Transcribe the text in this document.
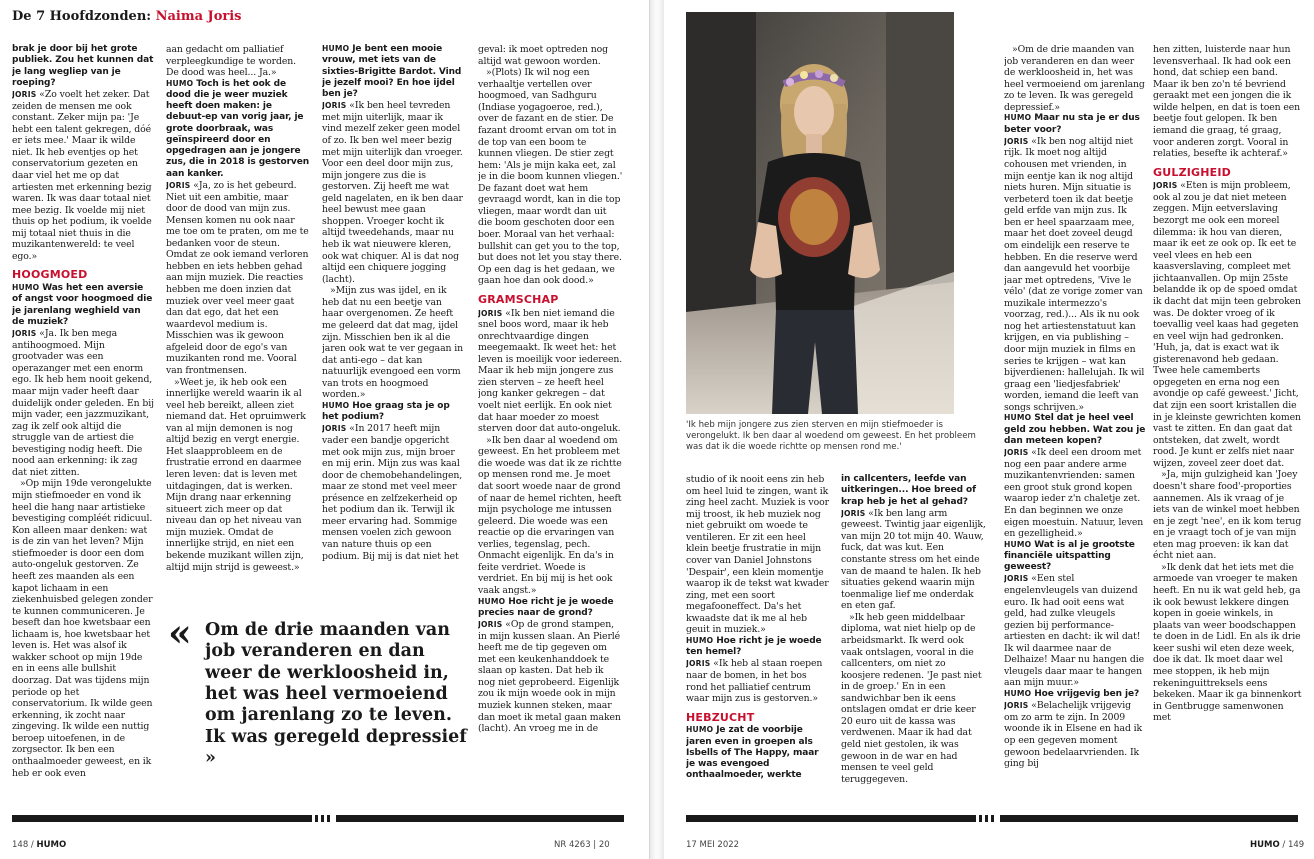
De 7 Hoofdzonden: Naima Joris

brak je door bij het grote publiek. Zou het kunnen dat je lang wegliep van je roeping?

JORIS «Zo voelt het zeker. Dat zeiden de mensen me ook constant. Zeker mijn pa: 'Je hebt een talent gekregen, dóé er iets mee.' Maar ik wilde niet. Ik heb eventjes op het conservatorium gezeten en daar viel het me op dat artiesten met erkenning bezig waren. Ik was daar totaal niet mee bezig. Ik voelde mij niet thuis op het podium, ik voelde mij totaal niet thuis in die muzikantenwereld: te veel ego.»

HOOGMOED

HUMO Was het een aversie of angst voor hoogmoed die je jarenlang weghield van de muziek?

JORIS «Ja. Ik ben mega antihoogmoed. Mijn grootvader was een operazanger met een enorm ego. Ik heb hem nooit gekend, maar mijn vader heeft daar duidelijk onder geleden. En bij mijn vader, een jazzmuzikant, zag ik zelf ook altijd die struggle van de artiest die bevestiging nodig heeft. Die nood aan erkenning: ik zag dat niet zitten.

»Op mijn 19de verongelukte mijn stiefmoeder en vond ik heel die hang naar artistieke bevestiging compléét ridicuul. Kon alleen maar denken: wat is de zin van het leven? Mijn stiefmoeder is door een dom auto-ongeluk gestorven. Ze heeft zes maanden als een kapot lichaam in een ziekenhuisbed gelegen zonder te kunnen communiceren. Je beseft dan hoe kwetsbaar een lichaam is, hoe kwetsbaar het leven is. Het was alsof ik wakker schoot op mijn 19de en in eens alle bullshit doorzag. Dat was tijdens mijn periode op het conservatorium. Ik wilde geen erkenning, ik zocht naar zingeving. Ik wilde een nuttig beroep uitoefenen, in de zorgsector. Ik ben een onthaalmoeder geweest, en ik heb er ook even

aan gedacht om palliatief verpleegkundige te worden. De dood was heel... Ja.»

HUMO Toch is het ook de dood die je weer muziek heeft doen maken: je debuut-ep van vorig jaar, je grote doorbraak, was geïnspireerd door en opgedragen aan je jongere zus, die in 2018 is gestorven aan kanker.

JORIS «Ja, zo is het gebeurd. Niet uit een ambitie, maar door de dood van mijn zus. Mensen komen nu ook naar me toe om te praten, om me te bedanken voor de steun. Omdat ze ook iemand verloren hebben en iets hebben gehad aan mijn muziek. Die reacties hebben me doen inzien dat muziek over veel meer gaat dan dat ego, dat het een waardevol medium is. Misschien was ik gewoon afgeleid door de ego's van muzikanten rond me. Vooral van frontmensen.

»Weet je, ik heb ook een innerlijke wereld waarin ik al veel heb bereikt, alleen ziet niemand dat. Het opruimwerk van al mijn demonen is nog altijd bezig en vergt energie. Het slaapprobleem en de frustratie errond en daarmee leren leven: dat is leven met uitdagingen, dat is werken. Mijn drang naar erkenning situeert zich meer op dat niveau dan op het niveau van mijn muziek. Omdat de innerlijke strijd, en niet een bekende muzikant willen zijn, altijd mijn strijd is geweest.»

HUMO Je bent een mooie vrouw, met iets van de sixties-Brigitte Bardot. Vind je jezelf mooi? En hoe ijdel ben je?

JORIS «Ik ben heel tevreden met mijn uiterlijk, maar ik vind mezelf zeker geen model of zo. Ik ben wel meer bezig met mijn uiterlijk dan vroeger. Voor een deel door mijn zus, mijn jongere zus die is gestorven. Zij heeft me wat geld nagelaten, en ik ben daar heel bewust mee gaan shoppen. Vroeger kocht ik altijd tweedehands, maar nu heb ik wat nieuwere kleren, ook wat chiquer. Al is dat nog altijd een chiquere jogging (lacht).

»Mijn zus was ijdel, en ik heb dat nu een beetje van haar overgenomen. Ze heeft me geleerd dat dat mag, ijdel zijn. Misschien ben ik al die jaren ook wat te ver gegaan in dat anti-ego – dat kan natuurlijk evengoed een vorm van trots en hoogmoed worden.»

HUMO Hoe graag sta je op het podium?

JORIS «In 2017 heeft mijn vader een bandje opgericht met ook mijn zus, mijn broer en mij erin. Mijn zus was kaal door de chemobehandelingen, maar ze stond met veel meer présence en zelfzekerheid op het podium dan ik. Terwijl ik meer ervaring had. Sommige mensen voelen zich gewoon van nature thuis op een podium. Bij mij is dat niet het

geval: ik moet optreden nog altijd wat gewoon worden.

»(Plots) Ik wil nog een verhaaltje vertellen over hoogmoed, van Sadhguru (Indiase yogagoeroe, red.), over de fazant en de stier. De fazant droomt ervan om tot in de top van een boom te kunnen vliegen. De stier zegt hem: 'Als je mijn kaka eet, zal je in die boom kunnen vliegen.' De fazant doet wat hem gevraagd wordt, kan in die top vliegen, maar wordt dan uit die boom geschoten door een boer. Moraal van het verhaal: bullshit can get you to the top, but does not let you stay there. Op een dag is het gedaan, we gaan hoe dan ook dood.»

GRAMSCHAP

JORIS «Ik ben niet iemand die snel boos word, maar ik heb onrechtvaardige dingen meegemaakt. Ik weet het: het leven is moeilijk voor iedereen. Maar ik heb mijn jongere zus zien sterven – ze heeft heel jong kanker gekregen – dat voelt niet eerlijk. En ook niet dat haar moeder zo moest sterven door dat auto-ongeluk.

»Ik ben daar al woedend om geweest. En het probleem met die woede was dat ik ze richtte op mensen rond me. Je moet dat soort woede naar de grond of naar de hemel richten, heeft mijn psychologe me intussen geleerd. Die woede was een reactie op die ervaringen van verlies, tegenslag, pech. Onmacht eigenlijk. En da's in feite verdriet. Woede is verdriet. En bij mij is het ook vaak angst.»

HUMO Hoe richt je je woede precies naar de grond?

JORIS «Op de grond stampen, in mijn kussen slaan. An Pierlé heeft me de tip gegeven om met een keukenhanddoek te slaan op kasten. Dat heb ik nog niet geprobeerd. Eigenlijk zou ik mijn woede ook in mijn muziek kunnen steken, maar dan moet ik metal gaan maken (lacht). An vroeg me in de

« Om de drie maanden van job veranderen en dan weer de werkloosheid in, het was heel vermoeiend om jarenlang zo te leven. Ik was geregeld depressief »
148 / HUMO	NR 4263 | 20
'Ik heb mijn jongere zus zien sterven en mijn stiefmoeder is verongelukt. Ik ben daar al woedend om geweest. En het probleem was dat ik die woede richtte op mensen rond me.'

»Om de drie maanden van job veranderen en dan weer de werkloosheid in, het was heel vermoeiend om jarenlang zo te leven. Ik was geregeld depressief.»

HUMO Maar nu sta je er dus beter voor?

JORIS «Ik ben nog altijd niet rijk. Ik moet nog altijd cohousen met vrienden, in mijn eentje kan ik nog altijd niets huren. Mijn situatie is verbeterd toen ik dat beetje geld erfde van mijn zus. Ik ben er heel spaarzaam mee, maar het doet zoveel deugd om eindelijk een reserve te hebben. En die reserve werd dan aangevuld het voorbije jaar met optredens, 'Vive le vélo' (dat ze vorige zomer van muzikale intermezzo's voorzag, red.)... Als ik nu ook nog het artiestenstatuut kan krijgen, en via publishing – door mijn muziek in films en series te krijgen – wat kan bijverdienen: hallelujah. Ik wil graag een 'liedjesfabriek' worden, iemand die leeft van songs schrijven.»

HUMO Stel dat je heel veel geld zou hebben. Wat zou je dan meteen kopen?

JORIS «Ik deel een droom met nog een paar andere arme muzikantenvrienden: samen een groot stuk grond kopen waarop ieder z'n chaletje zet. En dan beginnen we onze eigen moestuin. Natuur, leven en gezelligheid.»

HUMO Wat is al je grootste financiële uitspatting geweest?

JORIS «Een stel engelenvleugels van duizend euro. Ik had ooit eens wat geld, had zulke vleugels gezien bij performance-artiesten en dacht: ik wil dat! Ik wil daarmee naar de Delhaize! Maar nu hangen die vleugels daar maar te hangen aan mijn muur.»

HUMO Hoe vrijgevig ben je?

JORIS «Belachelijk vrijgevig om zo arm te zijn. In 2009 woonde ik in Elsene en had ik op een gegeven moment gewoon bedelaarvrienden. Ik ging bij

hen zitten, luisterde naar hun levensverhaal. Ik had ook een hond, dat schiep een band. Maar ik ben zo'n té bevriend geraakt met een jongen die ik wilde helpen, en dat is toen een beetje fout gelopen. Ik ben iemand die graag, té graag, voor anderen zorgt. Vooral in relaties, besefte ik achteraf.»

GULZIGHEID

JORIS «Eten is mijn probleem, ook al zou je dat niet meteen zeggen. Mijn eetverslaving bezorgt me ook een moreel dilemma: ik hou van dieren, maar ik eet ze ook op. Ik eet te veel vlees en heb een kaasverslaving, compleet met jichtaanvallen. Op mijn 25ste belandde ik op de spoed omdat ik dacht dat mijn teen gebroken was. De dokter vroeg of ik toevallig veel kaas had gegeten en veel wijn had gedronken. 'Huh, ja, dat is exact wat ik gisterenavond heb gedaan. Twee hele camemberts opgegeten en erna nog een avondje op café geweest.' Jicht, dat zijn een soort kristallen die in je kleinste gewrichten komen vast te zitten. En dan gaat dat ontsteken, dat zwelt, wordt rood. Je kunt er zelfs niet naar wijzen, zoveel zeer doet dat.

»Ja, mijn gulzigheid kan 'Joey doesn't share food'-proporties aannemen. Als ik vraag of je iets van de winkel moet hebben en je zegt 'nee', en ik kom terug en je vraagt toch of je van mijn eten mag proeven: ik kan dat écht niet aan.

»Ik denk dat het iets met die armoede van vroeger te maken heeft. En nu ik wat geld heb, ga ik ook bewust lekkere dingen kopen in goeie winkels, in plaats van weer boodschappen te doen in de Lidl. En als ik drie keer sushi wil eten deze week, doe ik dat. Ik moet daar wel mee stoppen, ik heb mijn rekeninguittreksels eens bekeken. Maar ik ga binnenkort in Gentbrugge samenwonen met

studio of ik nooit eens zin heb om heel luid te zingen, want ik zing heel zacht. Muziek is voor mij troost, ik heb muziek nog niet gebruikt om woede te ventileren. Er zit een heel klein beetje frustratie in mijn cover van Daniel Johnstons 'Despair', een klein momentje waarop ik de tekst wat kwader zing, met een soort megafooneffect. Da's het kwaadste dat ik me al heb geuit in muziek.»

HUMO Hoe richt je je woede ten hemel?

JORIS «Ik heb al staan roepen naar de bomen, in het bos rond het palliatief centrum waar mijn zus is gestorven.»

HEBZUCHT

HUMO Je zat de voorbije jaren even in groepen als Isbells of The Happy, maar je was evengoed onthaalmoeder, werkte

in callcenters, leefde van uitkeringen... Hoe breed of krap heb je het al gehad?

JORIS «Ik ben lang arm geweest. Twintig jaar eigenlijk, van mijn 20 tot mijn 40. Wauw, fuck, dat was kut. Een constante stress om het einde van de maand te halen. Ik heb situaties gekend waarin mijn toenmalige lief me onderdak en eten gaf.

»Ik heb geen middelbaar diploma, wat niet hielp op de arbeidsmarkt. Ik werd ook vaak ontslagen, vooral in die callcenters, om niet zo koosjere redenen. 'Je past niet in de groep.' En in een sandwichbar ben ik eens ontslagen omdat er drie keer 20 euro uit de kassa was verdwenen. Maar ik had dat geld niet gestolen, ik was gewoon in de war en had mensen te veel geld teruggegeven.

17 MEI 2022	HUMO / 149
